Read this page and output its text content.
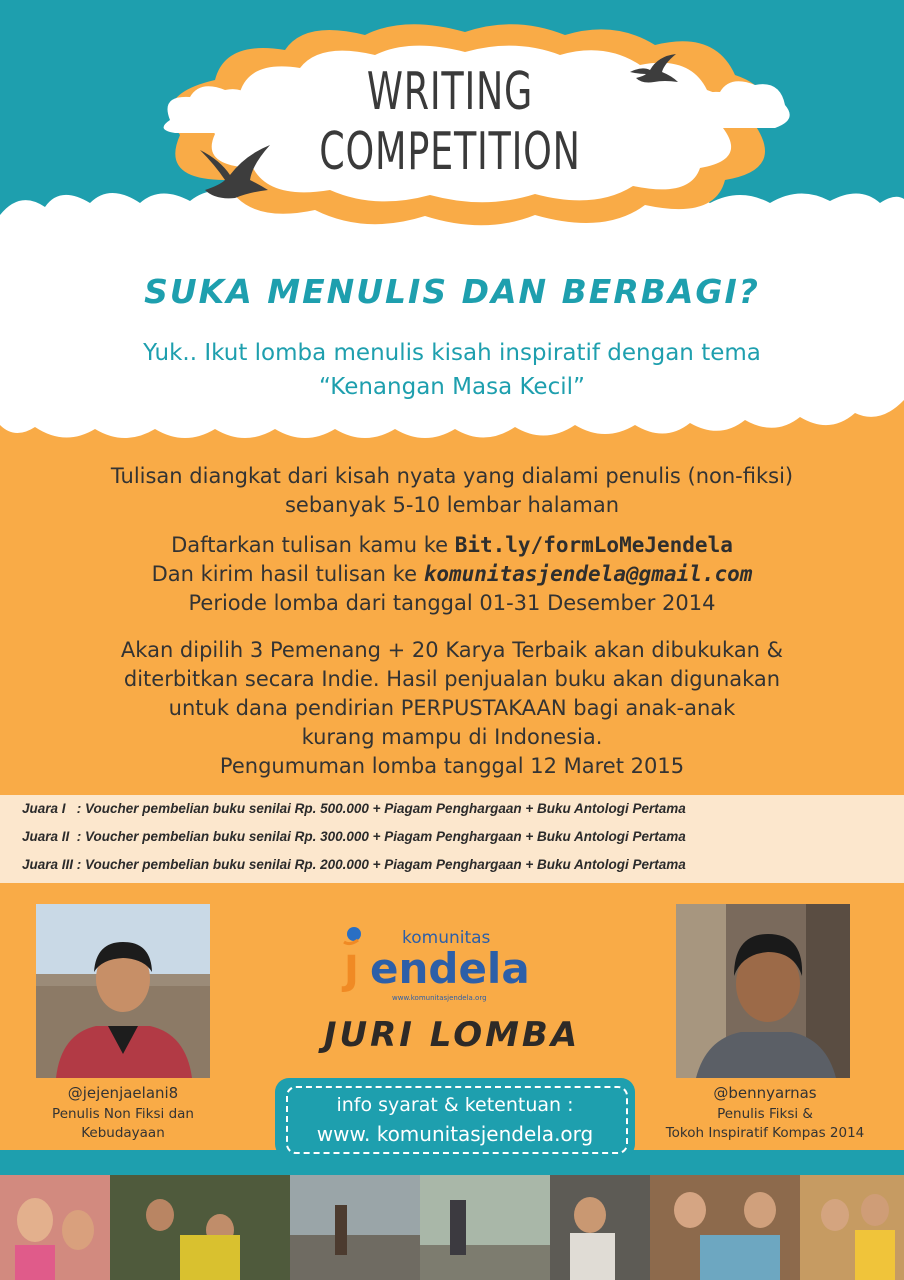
WRITING COMPETITION
SUKA MENULIS DAN BERBAGI?
Yuk.. Ikut lomba menulis kisah inspiratif dengan tema
“Kenangan Masa Kecil”
Tulisan diangkat dari kisah nyata yang dialami penulis (non-fiksi)
sebanyak 5-10 lembar halaman
Daftarkan tulisan kamu ke Bit.ly/formLoMeJendela
Dan kirim hasil tulisan ke komunitasjendela@gmail.com
Periode lomba dari tanggal 01-31 Desember 2014
Akan dipilih 3 Pemenang + 20 Karya Terbaik akan dibukukan &
diterbitkan secara Indie. Hasil penjualan buku akan digunakan
untuk dana pendirian PERPUSTAKAAN bagi anak-anak
kurang mampu di Indonesia.
Pengumuman lomba tanggal 12 Maret 2015
Juara I   : Voucher pembelian buku senilai Rp. 500.000 + Piagam Penghargaan + Buku Antologi Pertama
Juara II  : Voucher pembelian buku senilai Rp. 300.000 + Piagam Penghargaan + Buku Antologi Pertama
Juara III : Voucher pembelian buku senilai Rp. 200.000 + Piagam Penghargaan + Buku Antologi Pertama
@jejenjaelani8
Penulis Non Fiksi dan
Kebudayaan
@bennyarnas
Penulis Fiksi &
Tokoh Inspiratif Kompas 2014
komunitas
J endela
www.komunitasjendela.org
JURI LOMBA
info syarat & ketentuan :
www. komunitasjendela.org
